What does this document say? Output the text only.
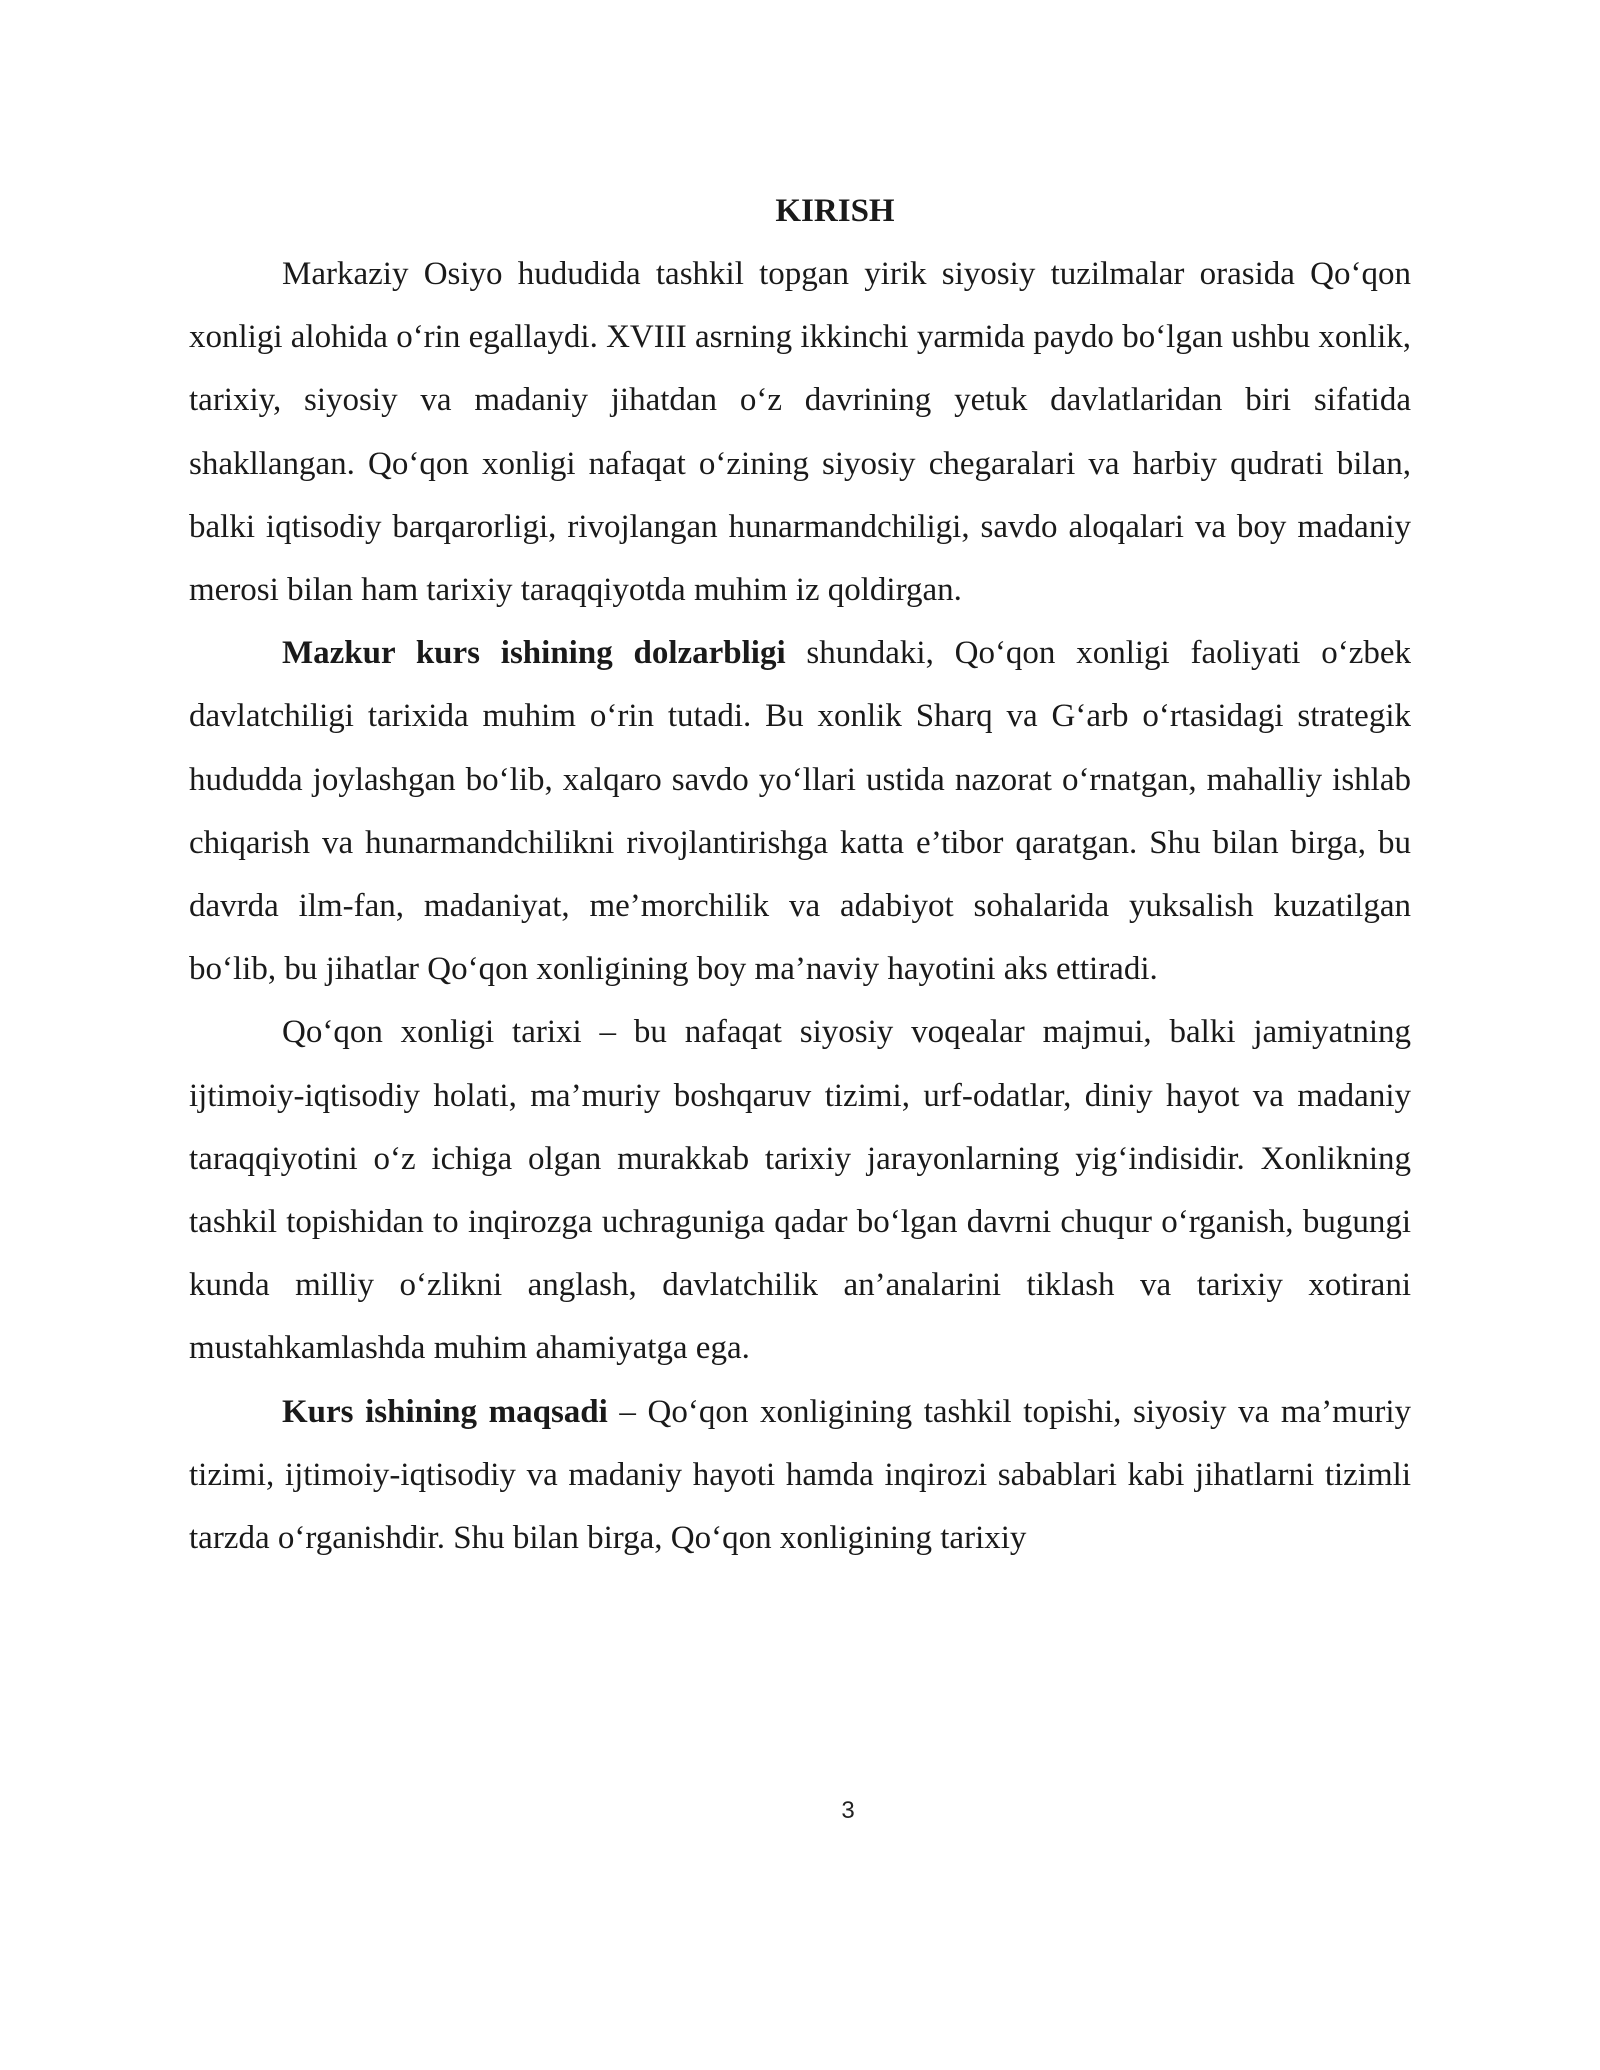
KIRISH

Markaziy Osiyo hududida tashkil topgan yirik siyosiy tuzilmalar orasida Qo‘qon xonligi alohida o‘rin egallaydi. XVIII asrning ikkinchi yarmida paydo bo‘lgan ushbu xonlik, tarixiy, siyosiy va madaniy jihatdan o‘z davrining yetuk davlatlaridan biri sifatida shakllangan. Qo‘qon xonligi nafaqat o‘zining siyosiy chegaralari va harbiy qudrati bilan, balki iqtisodiy barqarorligi, rivojlangan hunarmandchiligi, savdo aloqalari va boy madaniy merosi bilan ham tarixiy taraqqiyotda muhim iz qoldirgan.

Mazkur kurs ishining dolzarbligi shundaki, Qo‘qon xonligi faoliyati o‘zbek davlatchiligi tarixida muhim o‘rin tutadi. Bu xonlik Sharq va G‘arb o‘rtasidagi strategik hududda joylashgan bo‘lib, xalqaro savdo yo‘llari ustida nazorat o‘rnatgan, mahalliy ishlab chiqarish va hunarmandchilikni rivojlantirishga katta e’tibor qaratgan. Shu bilan birga, bu davrda ilm-fan, madaniyat, me’morchilik va adabiyot sohalarida yuksalish kuzatilgan bo‘lib, bu jihatlar Qo‘qon xonligining boy ma’naviy hayotini aks ettiradi.

Qo‘qon xonligi tarixi – bu nafaqat siyosiy voqealar majmui, balki jamiyatning ijtimoiy-iqtisodiy holati, ma’muriy boshqaruv tizimi, urf-odatlar, diniy hayot va madaniy taraqqiyotini o‘z ichiga olgan murakkab tarixiy jarayonlarning yig‘indisidir. Xonlikning tashkil topishidan to inqirozga uchraguniga qadar bo‘lgan davrni chuqur o‘rganish, bugungi kunda milliy o‘zlikni anglash, davlatchilik an’analarini tiklash va tarixiy xotirani mustahkamlashda muhim ahamiyatga ega.

Kurs ishining maqsadi – Qo‘qon xonligining tashkil topishi, siyosiy va ma’muriy tizimi, ijtimoiy-iqtisodiy va madaniy hayoti hamda inqirozi sabablari kabi jihatlarni tizimli tarzda o‘rganishdir. Shu bilan birga, Qo‘qon xonligining tarixiy

3
